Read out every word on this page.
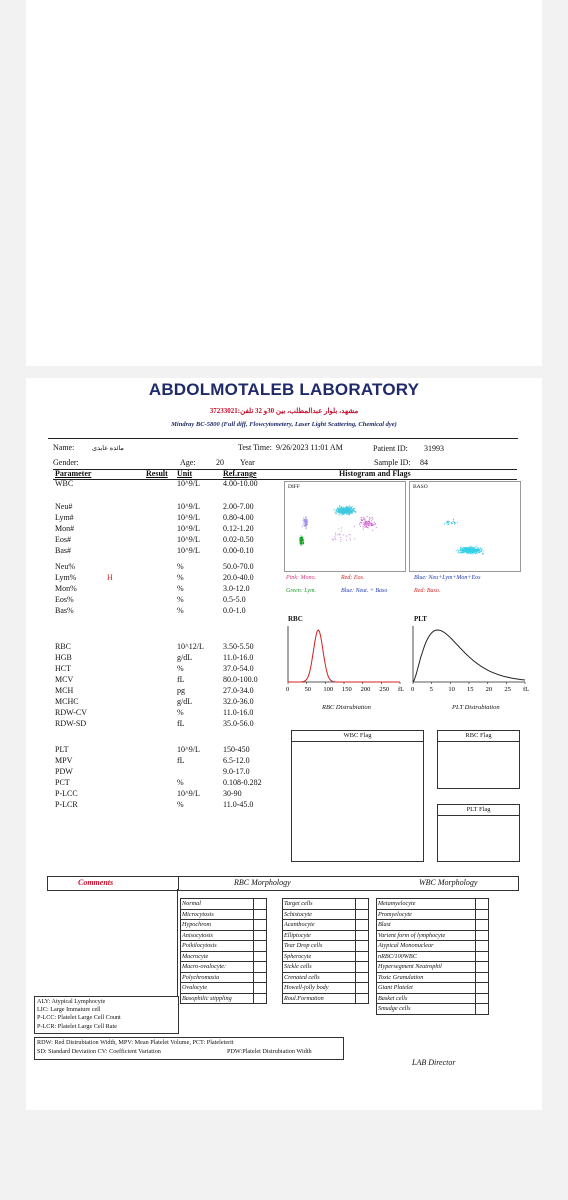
ABDOLMOTALEB LABORATORY
مشهد، بلوار عبدالمطلب، بين 30و 32 تلفن:37233021
Mindray BC-5800 (Full diff, Flowcytometery, Laser Light Scattering, Chemical dye)
Name:	مائده عابدی	Test Time: 9/26/2023 11:01 AM	Patient ID: 31993
Gender:	Age:	20 Year	Sample ID: 84
Parameter	Result Unit	Ref.range	Histogram and Flags
WBC	10^9/L	4.00-10.00
Neu#	10^9/L	2.00-7.00
Lym#	10^9/L	0.80-4.00
Mon#	10^9/L	0.12-1.20
Eos#	10^9/L	0.02-0.50
Bas#	10^9/L	0.00-0.10
Neu%	%	50.0-70.0
Lym%	H	%	20.0-40.0
Mon%	%	3.0-12.0
Eos%	%	0.5-5.0
Bas%	%	0.0-1.0
RBC	10^12/L 3.50-5.50
HGB	g/dL	11.0-16.0
HCT	%	37.0-54.0
MCV	fL	80.0-100.0
MCH	pg	27.0-34.0
MCHC	g/dL	32.0-36.0
RDW-CV	%	11.0-16.0
RDW-SD	fL	35.0-56.0
PLT	10^9/L	150-450
MPV	fL	6.5-12.0
PDW	9.0-17.0
PCT	%	0.108-0.282
P-LCC	10^9/L	30-90
P-LCR	%	11.0-45.0
DIFF	BASO
Pink: Mono.	Red: Eos.	Blue: Neu+Lym+Mon+Eos
Green: Lym.	Blue: Neut. + Baso	Red: Baso.
RBC	PLT
0 50 100 150 200 250 fL 0 5 10 15 20 25 fL
RBC Distrubiation	PLT Distrubiation
WBC Flag	RBC Flag
PLT Flag
Comments	RBC Morphology	WBC Morphology
Normal	
Microcytosis	
Hypochrom	
Anisocytosis	
Poikilocytosis	
Macrocyte	
Macro-ovalocyte:	
Polychromasia	
Ovalocyte	
Basophilic stippling	
Target cells	
Schistocyte	
Acanthocyte	
Elliptocyte	
Tear Drop cells	
Spherocyte	
Sickle cells	
Crenated cells	
Howell-jolly body	
Roul.Formation	
Metamyelocyte	
Promyelocyte	
Blast	
Varient form of lymphocyte	
Atypical Mononuclear	
nRBC/100WBC	
Hypersegment Neutrophil	
Toxic Granulation	
Giant Platelet	
Basket cells	
Smudge cells	
ALY: Atypical Lymphocyte
LIC: Large Immature cell
P-LCC: Platelet Large Cell Count
P-LCR: Platelet Large Cell Rate
RDW: Red Distrubiation Width, MPV: Mean Platelet Volume, PCT: Plateleterit
SD: Standard Deviation CV: Coefficient Variation	PDW:Platelet Distrubiation Width
LAB Director
